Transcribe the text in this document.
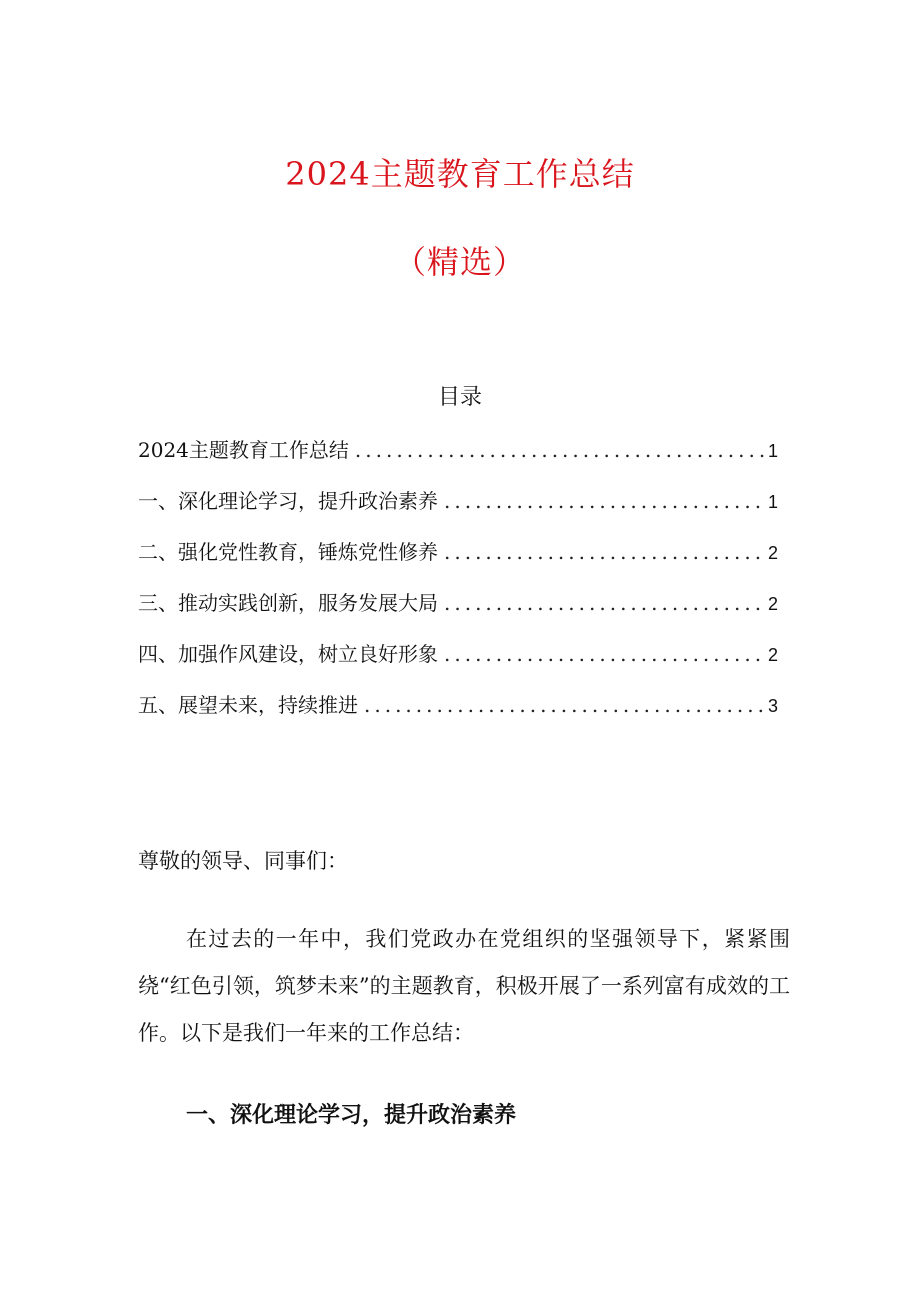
2024主题教育工作总结
（精选）
目录
2024主题教育工作总结 .....	1
一、深化理论学习，提升政治素养 .....	1
二、强化党性教育，锤炼党性修养 .....	2
三、推动实践创新，服务发展大局 .....	2
四、加强作风建设，树立良好形象 .....	2
五、展望未来，持续推进 .....	3

尊敬的领导、同事们：

在过去的一年中，我们党政办在党组织的坚强领导下，紧紧围绕“红色引领，筑梦未来”的主题教育，积极开展了一系列富有成效的工作。以下是我们一年来的工作总结：

一、深化理论学习，提升政治素养
